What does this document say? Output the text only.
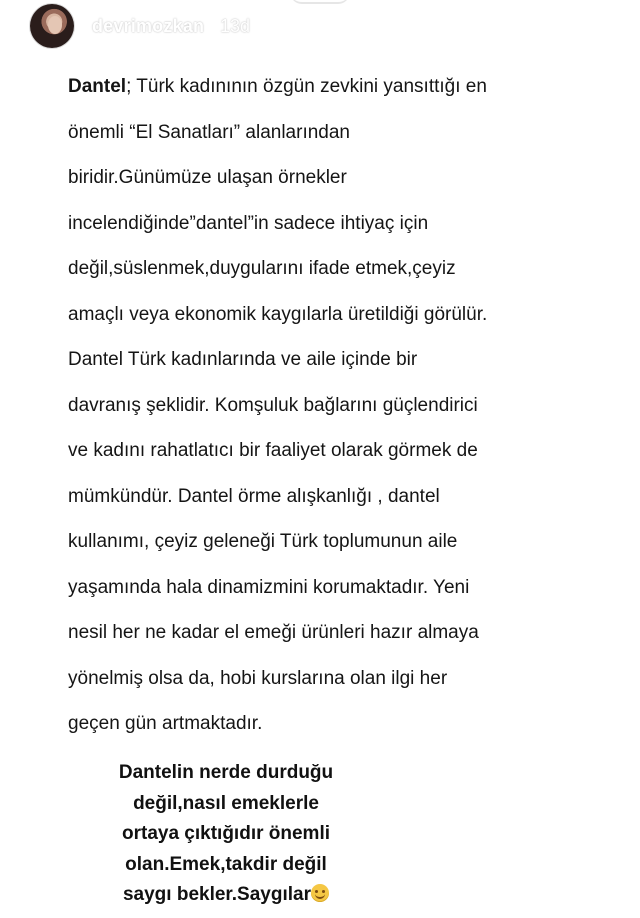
devrimozkan 13d

Dantel; Türk kadınının özgün zevkini yansıttığı en

önemli “El Sanatları” alanlarından

biridir.Günümüze ulaşan örnekler

incelendiğinde”dantel”in sadece ihtiyaç için

değil,süslenmek,duygularını ifade etmek,çeyiz

amaçlı veya ekonomik kaygılarla üretildiği görülür.

Dantel Türk kadınlarında ve aile içinde bir

davranış şeklidir. Komşuluk bağlarını güçlendirici

ve kadını rahatlatıcı bir faaliyet olarak görmek de

mümkündür. Dantel örme alışkanlığı , dantel

kullanımı, çeyiz geleneği Türk toplumunun aile

yaşamında hala dinamizmini korumaktadır. Yeni

nesil her ne kadar el emeği ürünleri hazır almaya

yönelmiş olsa da, hobi kurslarına olan ilgi her

geçen gün artmaktadır.

Dantelin nerde durduğu
değil,nasıl emeklerle
ortaya çıktığıdır önemli
olan.Emek,takdir değil
saygı bekler.Saygılar
